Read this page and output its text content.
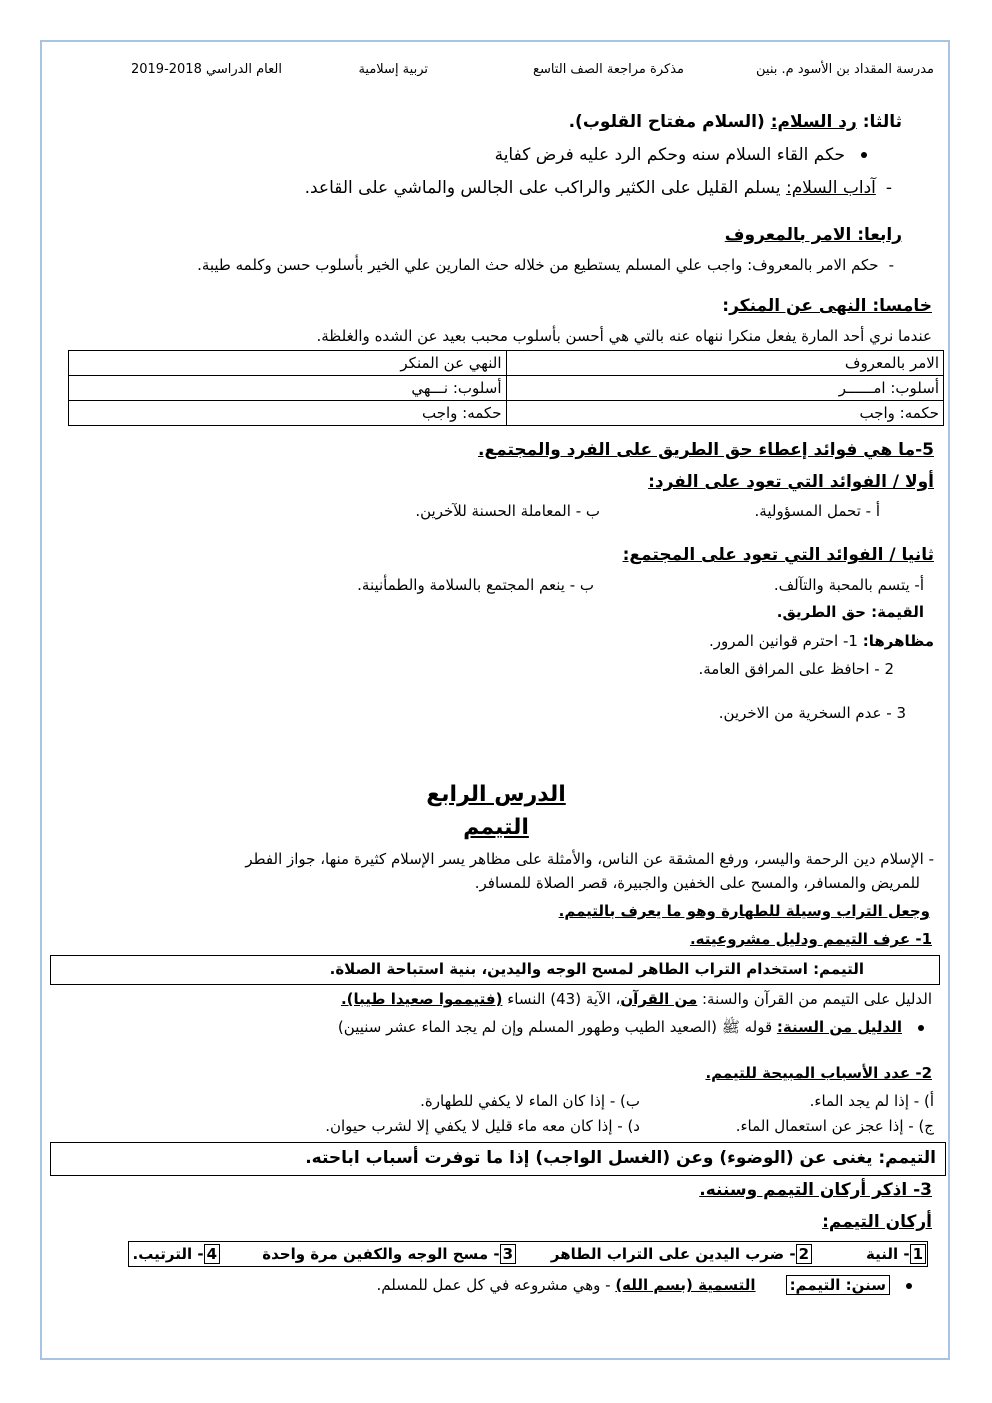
مدرسة المقداد بن الأسود م. بنين
مذكرة مراجعة الصف التاسع
تربية إسلامية
العام الدراسي 2018-2019
ثالثا: رد السلام: (السلام مفتاح القلوب).
حكم القاء السلام سنه وحكم الرد عليه فرض كفاية
-آداب السلام: يسلم القليل على الكثير والراكب على الجالس والماشي على القاعد.
رابعا: الامر بالمعروف
-حكم الامر بالمعروف: واجب علي المسلم يستطيع من خلاله حث المارين علي الخير بأسلوب حسن وكلمه طيبة.
خامسا: النهى عن المنكر:
عندما نري أحد المارة يفعل منكرا ننهاه عنه بالتي هي أحسن بأسلوب محبب بعيد عن الشده والغلظة.
الامر بالمعروف	النهي عن المنكر
أسلوب: امــــــر	أسلوب: نـــهي
حكمه: واجب	حكمه: واجب
5-ما هي فوائد إعطاء حق الطريق على الفرد والمجتمع.
أولا / الفوائد التي تعود على الفرد:
أ - تحمل المسؤولية.
ب - المعاملة الحسنة للآخرين.
ثانيا / الفوائد التي تعود على المجتمع:
أ- يتسم بالمحبة والتآلف.
ب - ينعم المجتمع بالسلامة والطمأنينة.
القيمة: حق الطريق.
مظاهرها: 1- احترم قوانين المرور.
2 - احافظ على المرافق العامة.
3 - عدم السخرية من الاخرين.
الدرس الرابع
التيمم
- الإسلام دين الرحمة واليسر، ورفع المشقة عن الناس، والأمثلة على مظاهر يسر الإسلام كثيرة منها، جواز الفطر
للمريض والمسافر، والمسح على الخفين والجبيرة، قصر الصلاة للمسافر.
وجعل التراب وسيلة للطهارة وهو ما يعرف بالتيمم.
1- عرف التيمم ودليل مشروعيته.
التيمم: استخدام التراب الطاهر لمسح الوجه واليدين، بنية استباحة الصلاة.
الدليل على التيمم من القرآن والسنة: من القرآن، الآية (43) النساء (فتيمموا صعيدا طيبا).
الدليل من السنة: قوله ﷺ (الصعيد الطيب وطهور المسلم وإن لم يجد الماء عشر سنيين)
2- عدد الأسباب المبيحة للتيمم.
أ) - إذا لم يجد الماء.
ب) - إذا كان الماء لا يكفي للطهارة.
ج) - إذا عجز عن استعمال الماء.
د) - إذا كان معه ماء قليل لا يكفي إلا لشرب حيوان.
التيمم: يغنى عن (الوضوء) وعن (الغسل الواجب) إذا ما توفرت أسباب اباحته.
3- اذكر أركان التيمم وسننه.
أركان التيمم:
1- النية
2- ضرب اليدين على التراب الطاهر
3- مسح الوجه والكفين مرة واحدة
4- الترتيب.
سنن: التيمم:التسمية (بسم الله) - وهي مشروعه في كل عمل للمسلم.
